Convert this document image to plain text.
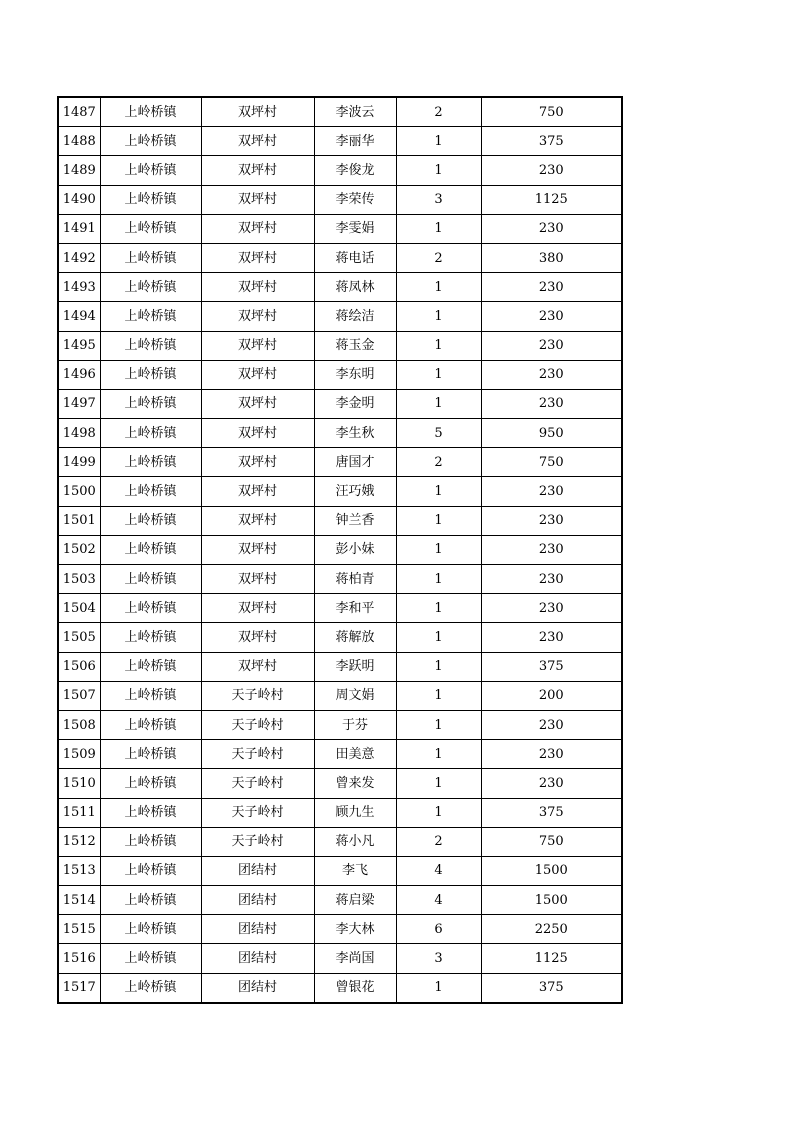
1487	上岭桥镇	双坪村	李波云	2	750
1488	上岭桥镇	双坪村	李丽华	1	375
1489	上岭桥镇	双坪村	李俊龙	1	230
1490	上岭桥镇	双坪村	李荣传	3	1125
1491	上岭桥镇	双坪村	李雯娟	1	230
1492	上岭桥镇	双坪村	蒋电话	2	380
1493	上岭桥镇	双坪村	蒋凤林	1	230
1494	上岭桥镇	双坪村	蒋绘洁	1	230
1495	上岭桥镇	双坪村	蒋玉金	1	230
1496	上岭桥镇	双坪村	李东明	1	230
1497	上岭桥镇	双坪村	李金明	1	230
1498	上岭桥镇	双坪村	李生秋	5	950
1499	上岭桥镇	双坪村	唐国才	2	750
1500	上岭桥镇	双坪村	汪巧娥	1	230
1501	上岭桥镇	双坪村	钟兰香	1	230
1502	上岭桥镇	双坪村	彭小妹	1	230
1503	上岭桥镇	双坪村	蒋柏青	1	230
1504	上岭桥镇	双坪村	李和平	1	230
1505	上岭桥镇	双坪村	蒋解放	1	230
1506	上岭桥镇	双坪村	李跃明	1	375
1507	上岭桥镇	天子岭村	周文娟	1	200
1508	上岭桥镇	天子岭村	于芬	1	230
1509	上岭桥镇	天子岭村	田美意	1	230
1510	上岭桥镇	天子岭村	曾来发	1	230
1511	上岭桥镇	天子岭村	顾九生	1	375
1512	上岭桥镇	天子岭村	蒋小凡	2	750
1513	上岭桥镇	团结村	李飞	4	1500
1514	上岭桥镇	团结村	蒋启梁	4	1500
1515	上岭桥镇	团结村	李大林	6	2250
1516	上岭桥镇	团结村	李尚国	3	1125
1517	上岭桥镇	团结村	曾银花	1	375
